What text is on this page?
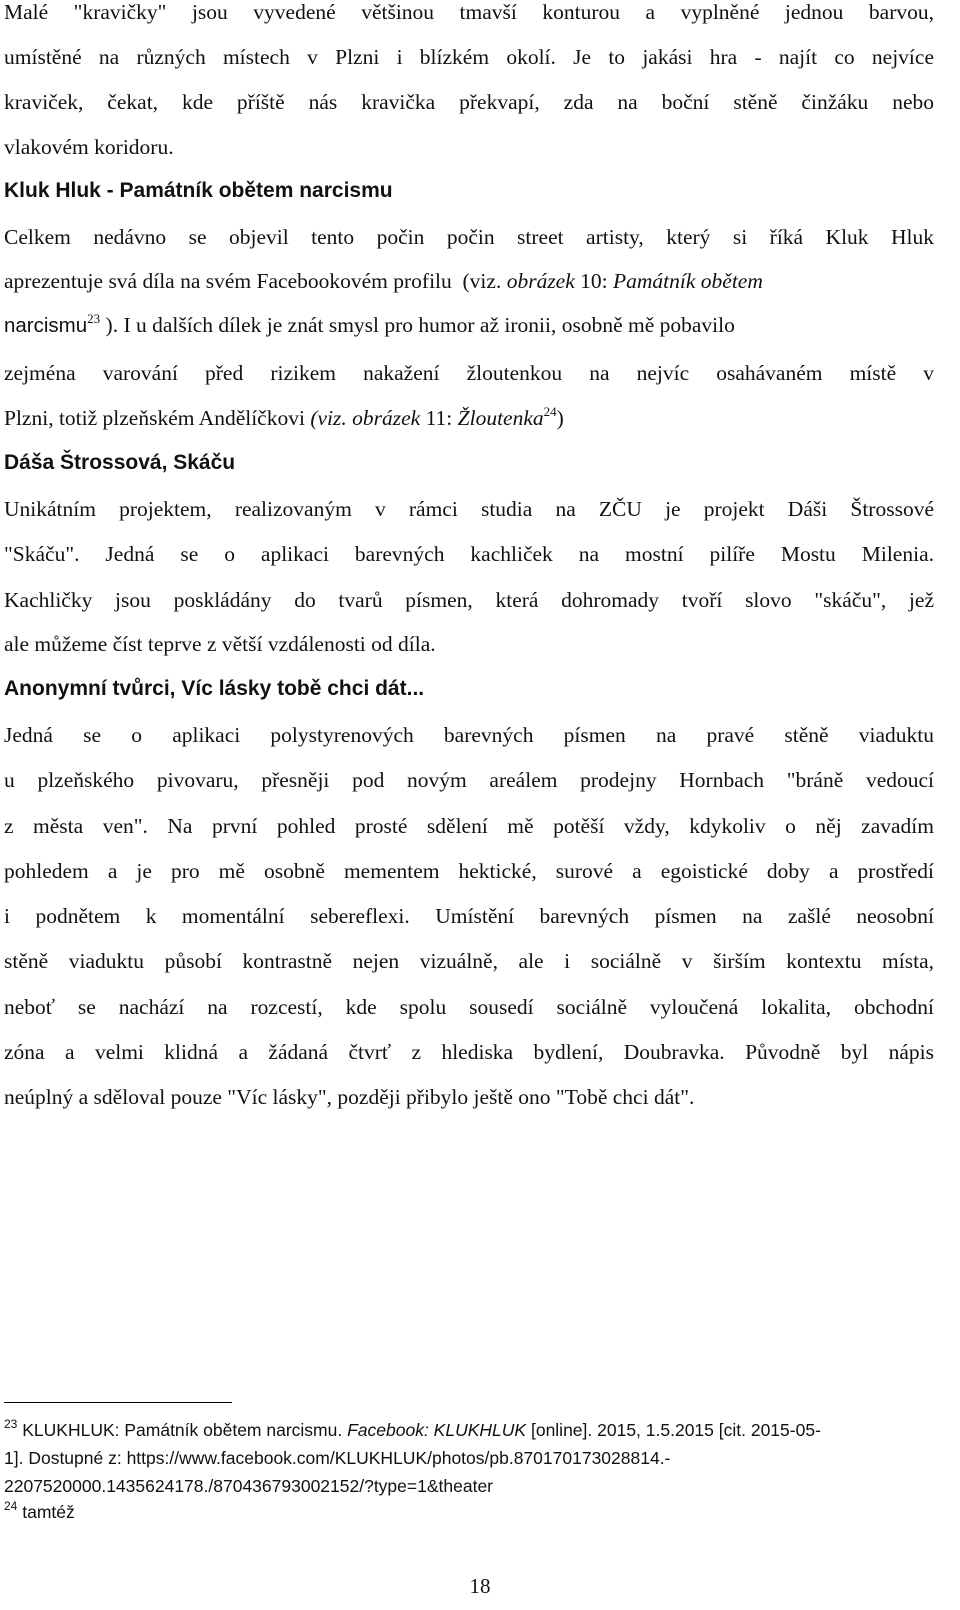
Malé "kravičky" jsou vyvedené většinou tmavší konturou a vyplněné jednou barvou,
umístěné na různých místech v Plzni i blízkém okolí. Je to jakási hra - najít co nejvíce
kraviček, čekat, kde příště nás kravička překvapí, zda na boční stěně činžáku nebo
vlakovém koridoru.
Kluk Hluk - Památník obětem narcismu
Celkem nedávno se objevil tento počin počin street artisty, který si říká Kluk Hluk
aprezentuje svá díla na svém Facebookovém profilu (viz. obrázek 10: Památník obětem
narcismu$^{23}$ ). I u dalších dílek je znát smysl pro humor až ironii, osobně mě pobavilo
zejména varování před rizikem nakažení žloutenkou na nejvíc osahávaném místě v
Plzni, totiž plzeňském Andělíčkovi (viz. obrázek 11: Žloutenka$^{24}$)
Dáša Štrossová, Skáču
Unikátním projektem, realizovaným v rámci studia na ZČU je projekt Dáši Štrossové
"Skáču". Jedná se o aplikaci barevných kachliček na mostní pilíře Mostu Milenia.
Kachličky jsou poskládány do tvarů písmen, která dohromady tvoří slovo "skáču", jež
ale můžeme číst teprve z větší vzdálenosti od díla.
Anonymní tvůrci, Víc lásky tobě chci dát...
Jedná se o aplikaci polystyrenových barevných písmen na pravé stěně viaduktu
u plzeňského pivovaru, přesněji pod novým areálem prodejny Hornbach "bráně vedoucí
z města ven". Na první pohled prosté sdělení mě potěší vždy, kdykoliv o něj zavadím
pohledem a je pro mě osobně mementem hektické, surové a egoistické doby a prostředí
i podnětem k momentální sebereflexi. Umístění barevných písmen na zašlé neosobní
stěně viaduktu působí kontrastně nejen vizuálně, ale i sociálně v širším kontextu místa,
neboť se nachází na rozcestí, kde spolu sousedí sociálně vyloučená lokalita, obchodní
zóna a velmi klidná a žádaná čtvrť z hlediska bydlení, Doubravka. Původně byl nápis
neúplný a sděloval pouze "Víc lásky", později přibylo ještě ono "Tobě chci dát".
$^{23}$ KLUKHLUK: Památník obětem narcismu. Facebook: KLUKHLUK [online]. 2015, 1.5.2015 [cit. 2015-05-
1]. Dostupné z: https://www.facebook.com/KLUKHLUK/photos/pb.870170173028814.-
2207520000.1435624178./870436793002152/?type=1&theater
$^{24}$ tamtéž
18
